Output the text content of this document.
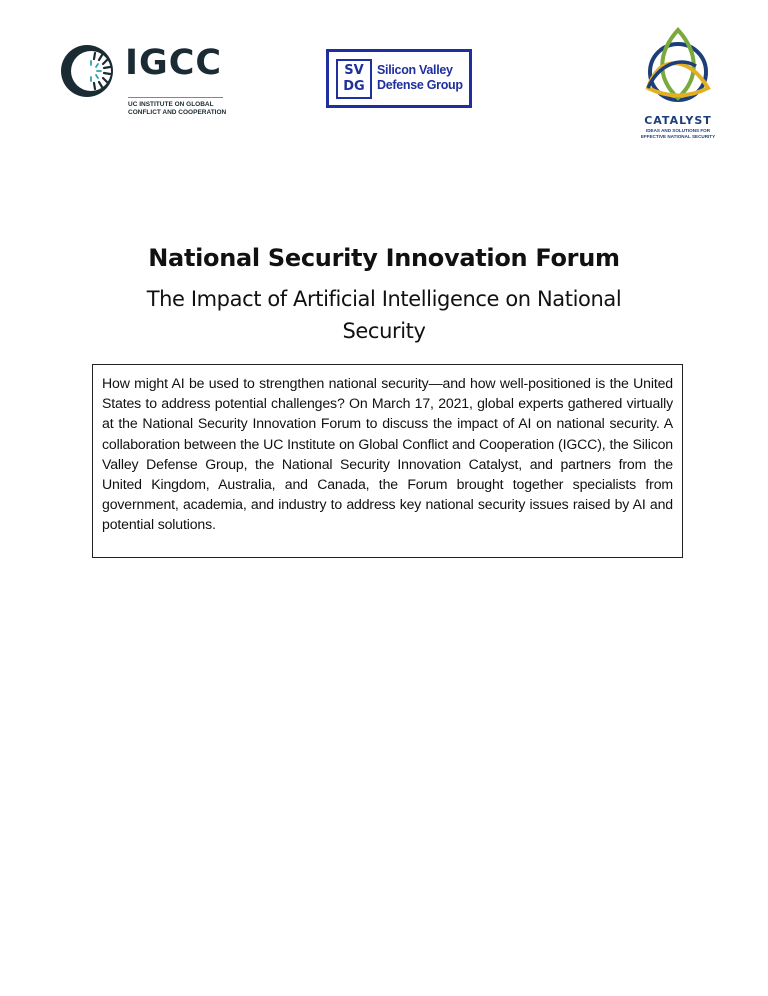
IGCC
UC INSTITUTE ON GLOBAL
CONFLICT AND COOPERATION
SV
DG
Silicon Valley
Defense Group
CATALYST
IDEAS AND SOLUTIONS FOR
EFFECTIVE NATIONAL SECURITY
National Security Innovation Forum
The Impact of Artificial Intelligence on National
Security

How might AI be used to strengthen national security—and how well-positioned is the United States to address potential challenges? On March 17, 2021, global experts gathered virtually at the National Security Innovation Forum to discuss the impact of AI on national security. A collaboration between the UC Institute on Global Conflict and Cooperation (IGCC), the Silicon Valley Defense Group, the National Security Innovation Catalyst, and partners from the United Kingdom, Australia, and Canada, the Forum brought together specialists from government, academia, and industry to address key national security issues raised by AI and potential solutions.
